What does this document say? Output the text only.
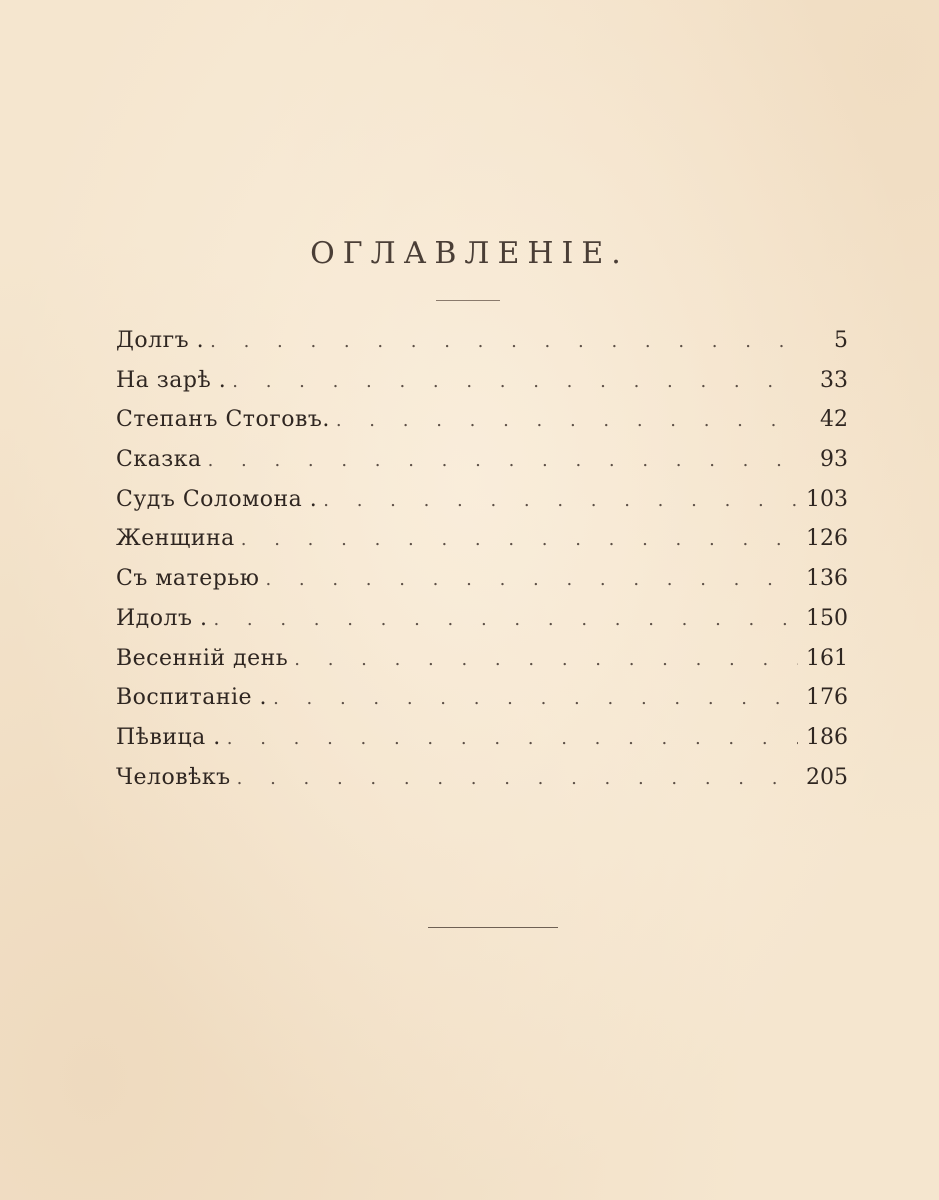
ОГЛАВЛЕНІЕ.
Долгъ . . . .	5
На зарѣ . . . .	33
Степанъ Стоговъ. . . .	42
Сказка . . .	93
Судъ Соломона . . . .	103
Женщина . . .	126
Съ матерью . . .	136
Идолъ . . . .	150
Весенній день . . .	161
Воспитаніе . . . .	176
Пѣвица . . . .	186
Человѣкъ . . .	205
